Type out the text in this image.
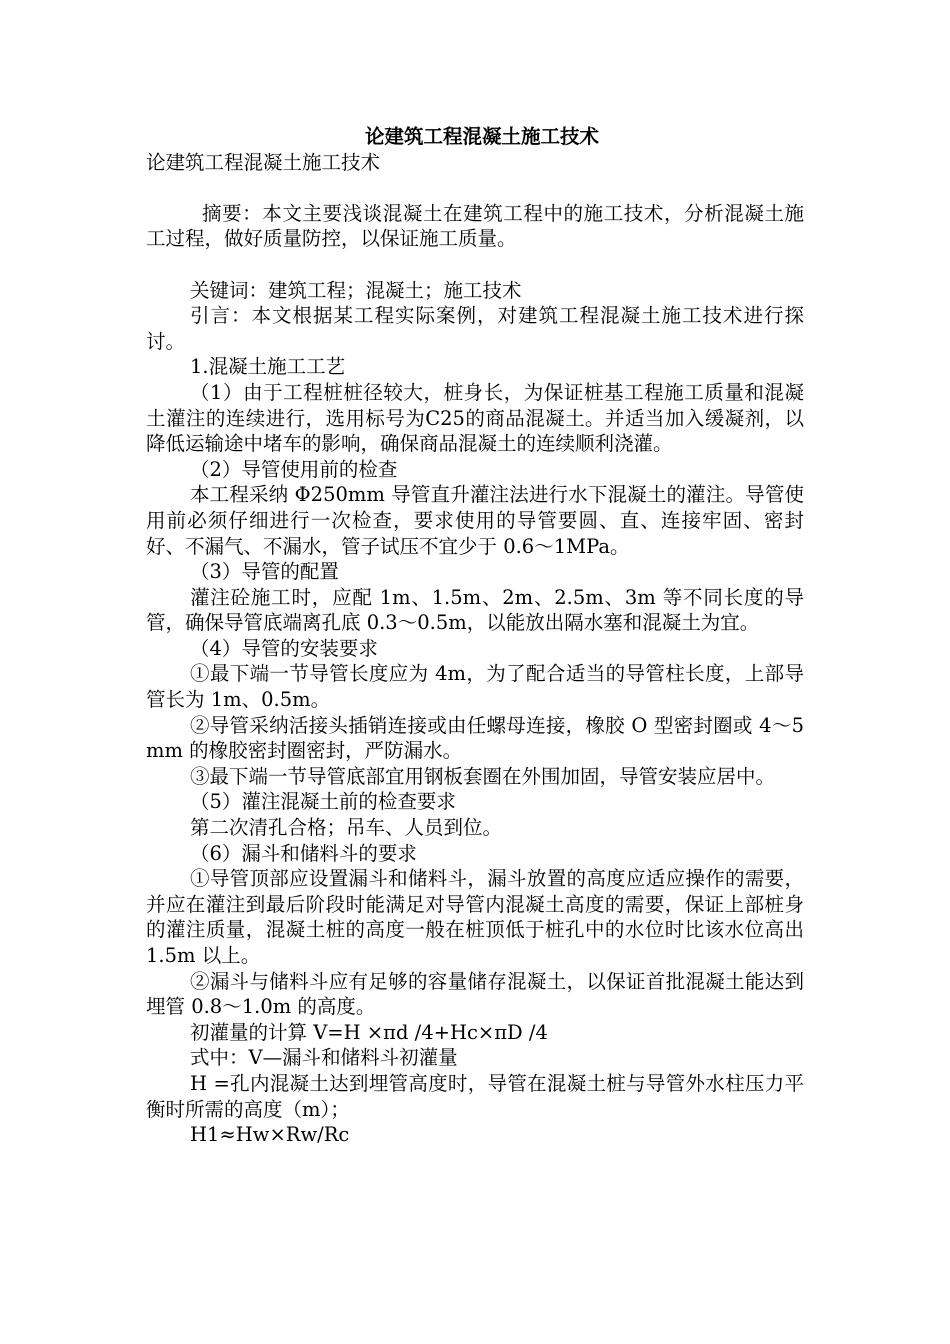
论建筑工程混凝土施工技术

论建筑工程混凝土施工技术

摘要：本文主要浅谈混凝土在建筑工程中的施工技术，分析混凝土施工过程，做好质量防控，以保证施工质量。

关键词：建筑工程；混凝土；施工技术

引言：本文根据某工程实际案例，对建筑工程混凝土施工技术进行探讨。

1.混凝土施工工艺

（1）由于工程桩桩径较大，桩身长，为保证桩基工程施工质量和混凝土灌注的连续进行，选用标号为C25的商品混凝土。并适当加入缓凝剂，以降低运输途中堵车的影响，确保商品混凝土的连续顺利浇灌。

（2）导管使用前的检查

本工程采纳 Φ250mm 导管直升灌注法进行水下混凝土的灌注。导管使用前必须仔细进行一次检查，要求使用的导管要圆、直、连接牢固、密封好、不漏气、不漏水，管子试压不宜少于 0.6～1MPa。

（3）导管的配置

灌注砼施工时，应配 1m、1.5m、2m、2.5m、3m 等不同长度的导管，确保导管底端离孔底 0.3～0.5m，以能放出隔水塞和混凝土为宜。

（4）导管的安装要求

①最下端一节导管长度应为 4m，为了配合适当的导管柱长度，上部导管长为 1m、0.5m。

②导管采纳活接头插销连接或由任螺母连接，橡胶 O 型密封圈或 4～5mm 的橡胶密封圈密封，严防漏水。

③最下端一节导管底部宜用钢板套圈在外围加固，导管安装应居中。

（5）灌注混凝土前的检查要求

第二次清孔合格；吊车、人员到位。

（6）漏斗和储料斗的要求

①导管顶部应设置漏斗和储料斗，漏斗放置的高度应适应操作的需要，并应在灌注到最后阶段时能满足对导管内混凝土高度的需要，保证上部桩身的灌注质量，混凝土桩的高度一般在桩顶低于桩孔中的水位时比该水位高出 1.5m 以上。

②漏斗与储料斗应有足够的容量储存混凝土，以保证首批混凝土能达到埋管 0.8～1.0m 的高度。

初灌量的计算 V=H ×πd /4+Hc×πD /4

式中：V—漏斗和储料斗初灌量

H =孔内混凝土达到埋管高度时，导管在混凝土桩与导管外水柱压力平衡时所需的高度（m）；

H1≈Hw×Rw/Rc
